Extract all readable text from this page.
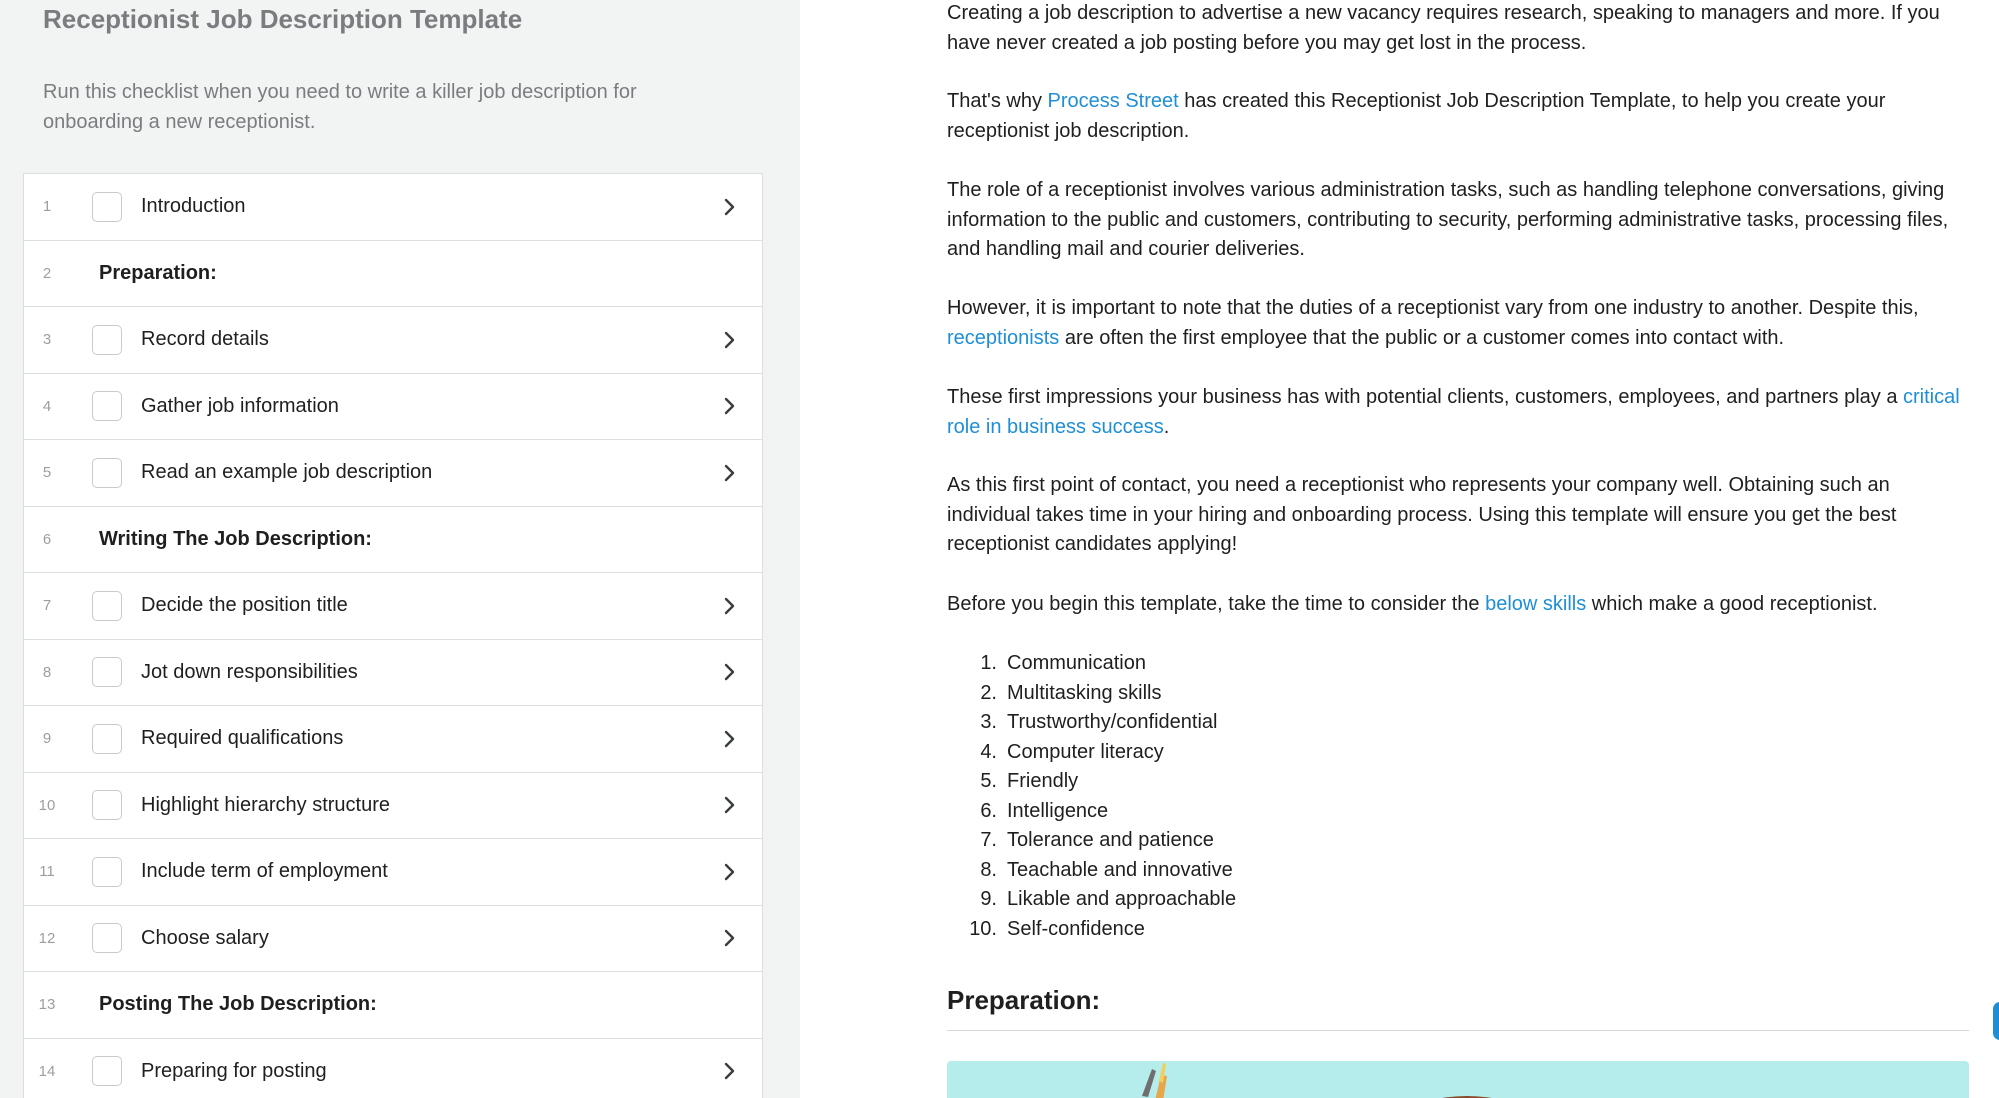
Receptionist Job Description Template
Run this checklist when you need to write a killer job description for onboarding a new receptionist.
1	Introduction
2	Preparation:
3	Record details
4	Gather job information
5	Read an example job description
6	Writing The Job Description:
7	Decide the position title
8	Jot down responsibilities
9	Required qualifications
10	Highlight hierarchy structure
11	Include term of employment
12	Choose salary
13	Posting The Job Description:
14	Preparing for posting

Creating a job description to advertise a new vacancy requires research, speaking to managers and more. If you have never created a job posting before you may get lost in the process.

That's why Process Street has created this Receptionist Job Description Template, to help you create your receptionist job description.

The role of a receptionist involves various administration tasks, such as handling telephone conversations, giving information to the public and customers, contributing to security, performing administrative tasks, processing files, and handling mail and courier deliveries.

However, it is important to note that the duties of a receptionist vary from one industry to another. Despite this, receptionists are often the first employee that the public or a customer comes into contact with.

These first impressions your business has with potential clients, customers, employees, and partners play a critical role in business success.

As this first point of contact, you need a receptionist who represents your company well. Obtaining such an individual takes time in your hiring and onboarding process. Using this template will ensure you get the best receptionist candidates applying!

Before you begin this template, take the time to consider the below skills which make a good receptionist.

1. Communication
2. Multitasking skills
3. Trustworthy/confidential
4. Computer literacy
5. Friendly
6. Intelligence
7. Tolerance and patience
8. Teachable and innovative
9. Likable and approachable
10. Self-confidence
Preparation:
